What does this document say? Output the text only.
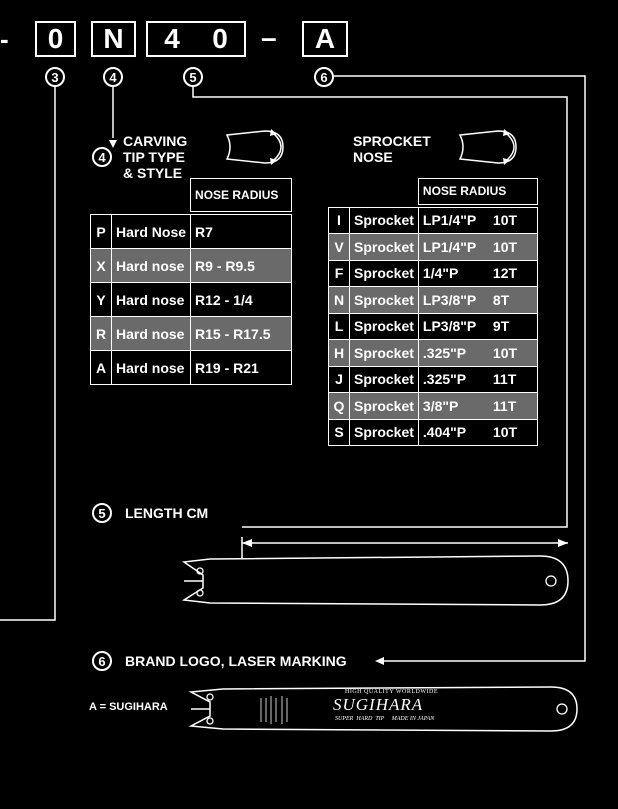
-	0	N	4 0 –	A
3	4	5	6
4
CARVING
TIP TYPE
& STYLE
		NOSE RADIUS

P	Hard Nose	R7
X	Hard nose	R9 - R9.5
Y	Hard nose	R12 - 1/4
R	Hard nose	R15 - R17.5
A	Hard nose	R19 - R21
SPROCKET
NOSE
		NOSE RADIUS	

I	Sprocket	LP1/4"P	10T
V	Sprocket	LP1/4"P	10T
F	Sprocket	1/4"P	12T
N	Sprocket	LP3/8"P	8T
L	Sprocket	LP3/8"P	9T
H	Sprocket	.325"P	10T
J	Sprocket	.325"P	11T
Q	Sprocket	3/8"P	11T
S	Sprocket	.404"P	10T
5	LENGTH CM
6	BRAND LOGO, LASER MARKING
A = SUGIHARA
HIGH QUALITY WORLDWIDE
SUGIHARA
SUPER  HARD  TIP     MADE IN JAPAN
